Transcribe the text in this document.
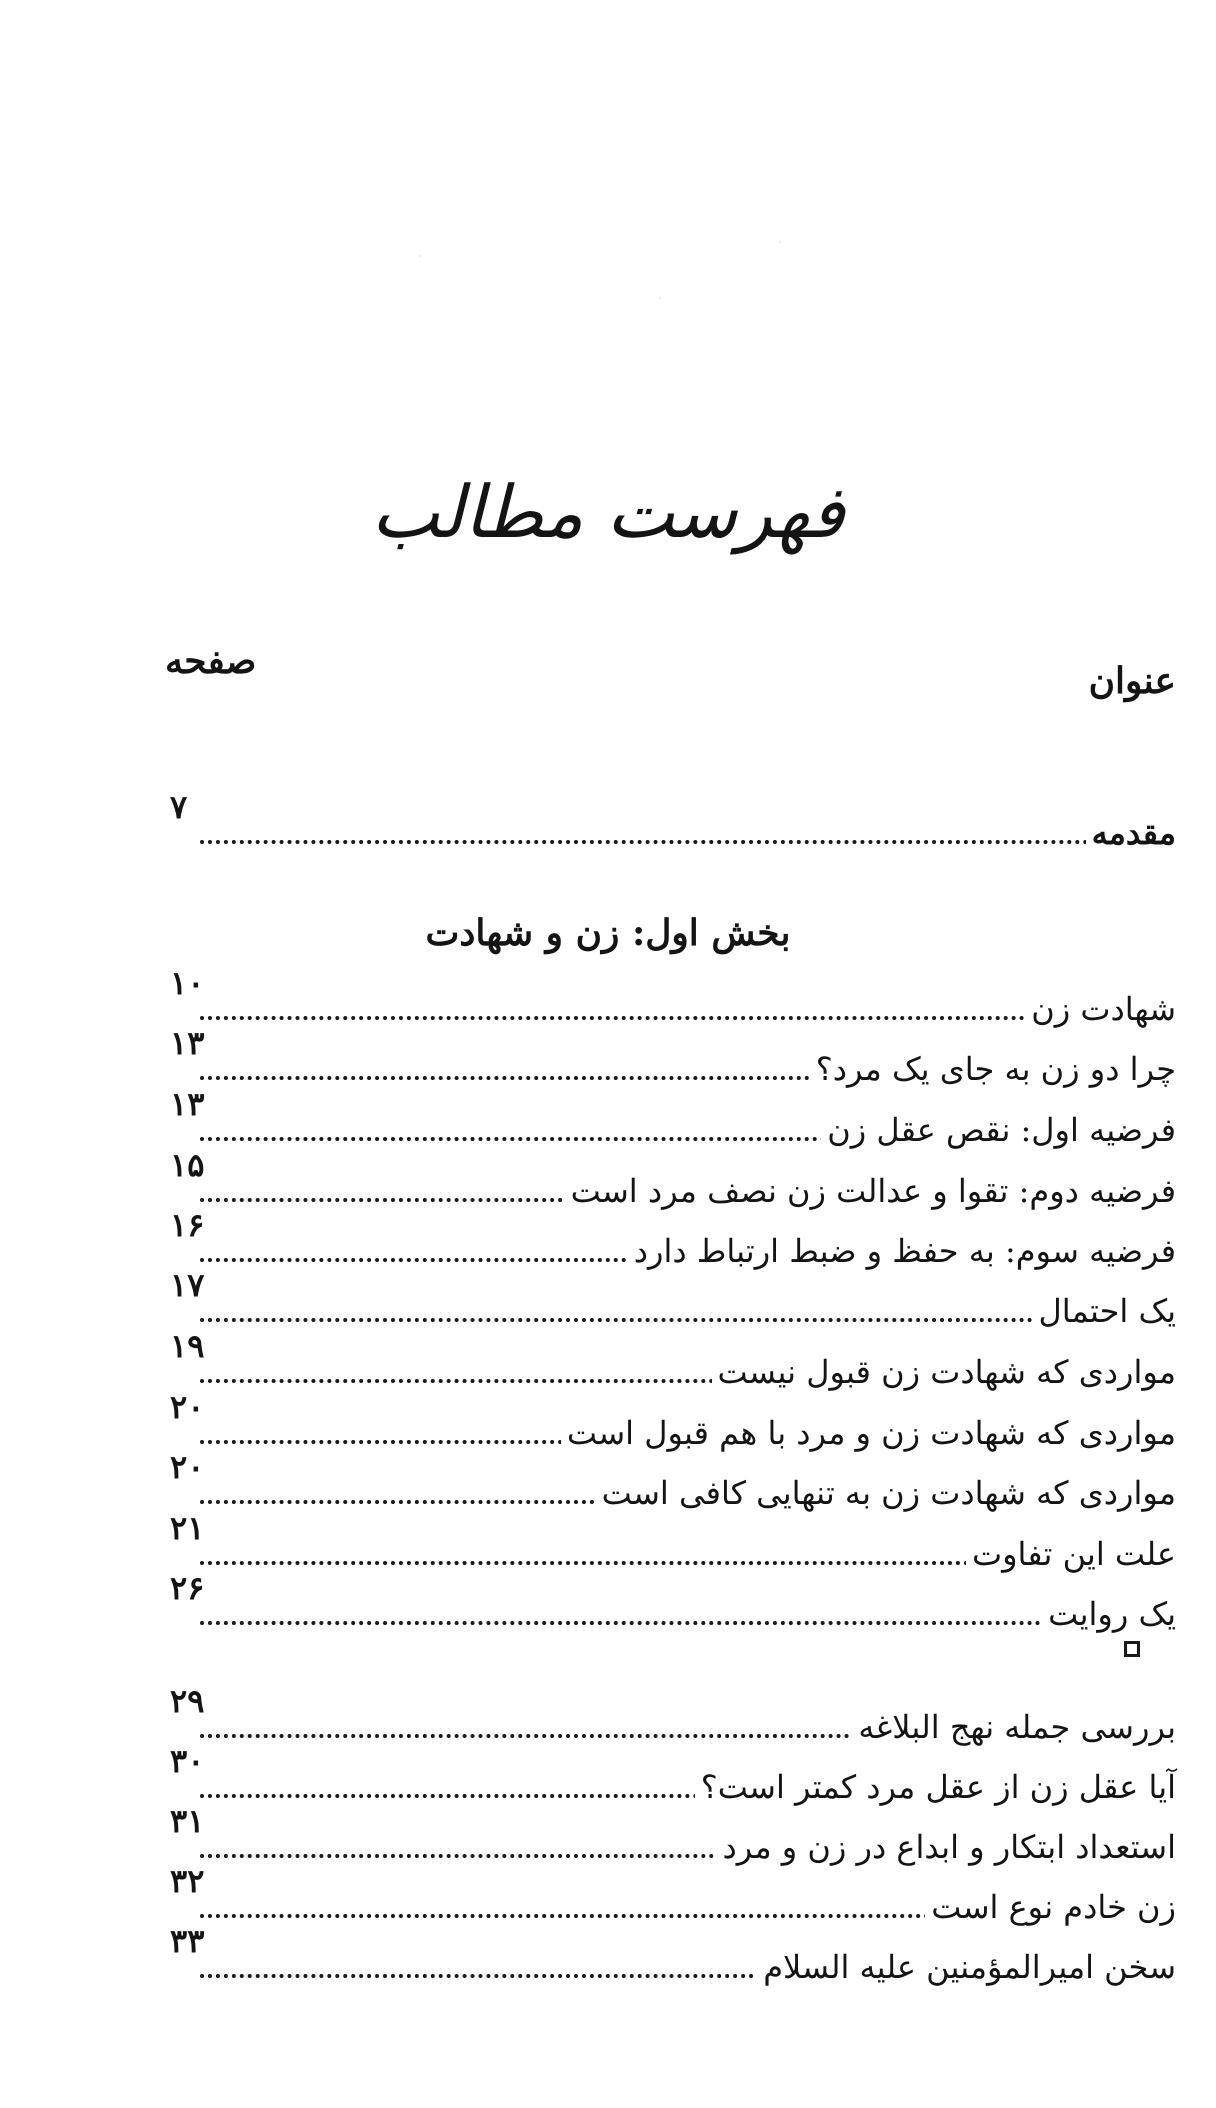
فهرست مطالب
عنوان
صفحه
مقدمه
۷
بخش اول: زن و شهادت
شهادت زن
۱۰
چرا دو زن به جای یک مرد؟
۱۳
فرضیه اول: نقص عقل زن
۱۳
فرضیه دوم: تقوا و عدالت زن نصف مرد است
۱۵
فرضیه سوم: به حفظ و ضبط ارتباط دارد
۱۶
یک احتمال
۱۷
مواردی که شهادت زن قبول نیست
۱۹
مواردی که شهادت زن و مرد با هم قبول است
۲۰
مواردی که شهادت زن به تنهایی کافی است
۲۰
علت این تفاوت
۲۱
یک روایت
۲۶
بررسی جمله نهج البلاغه
۲۹
آیا عقل زن از عقل مرد کمتر است؟
۳۰
استعداد ابتکار و ابداع در زن و مرد
۳۱
زن خادم نوع است
۳۲
سخن امیرالمؤمنین علیه السلام
۳۳
